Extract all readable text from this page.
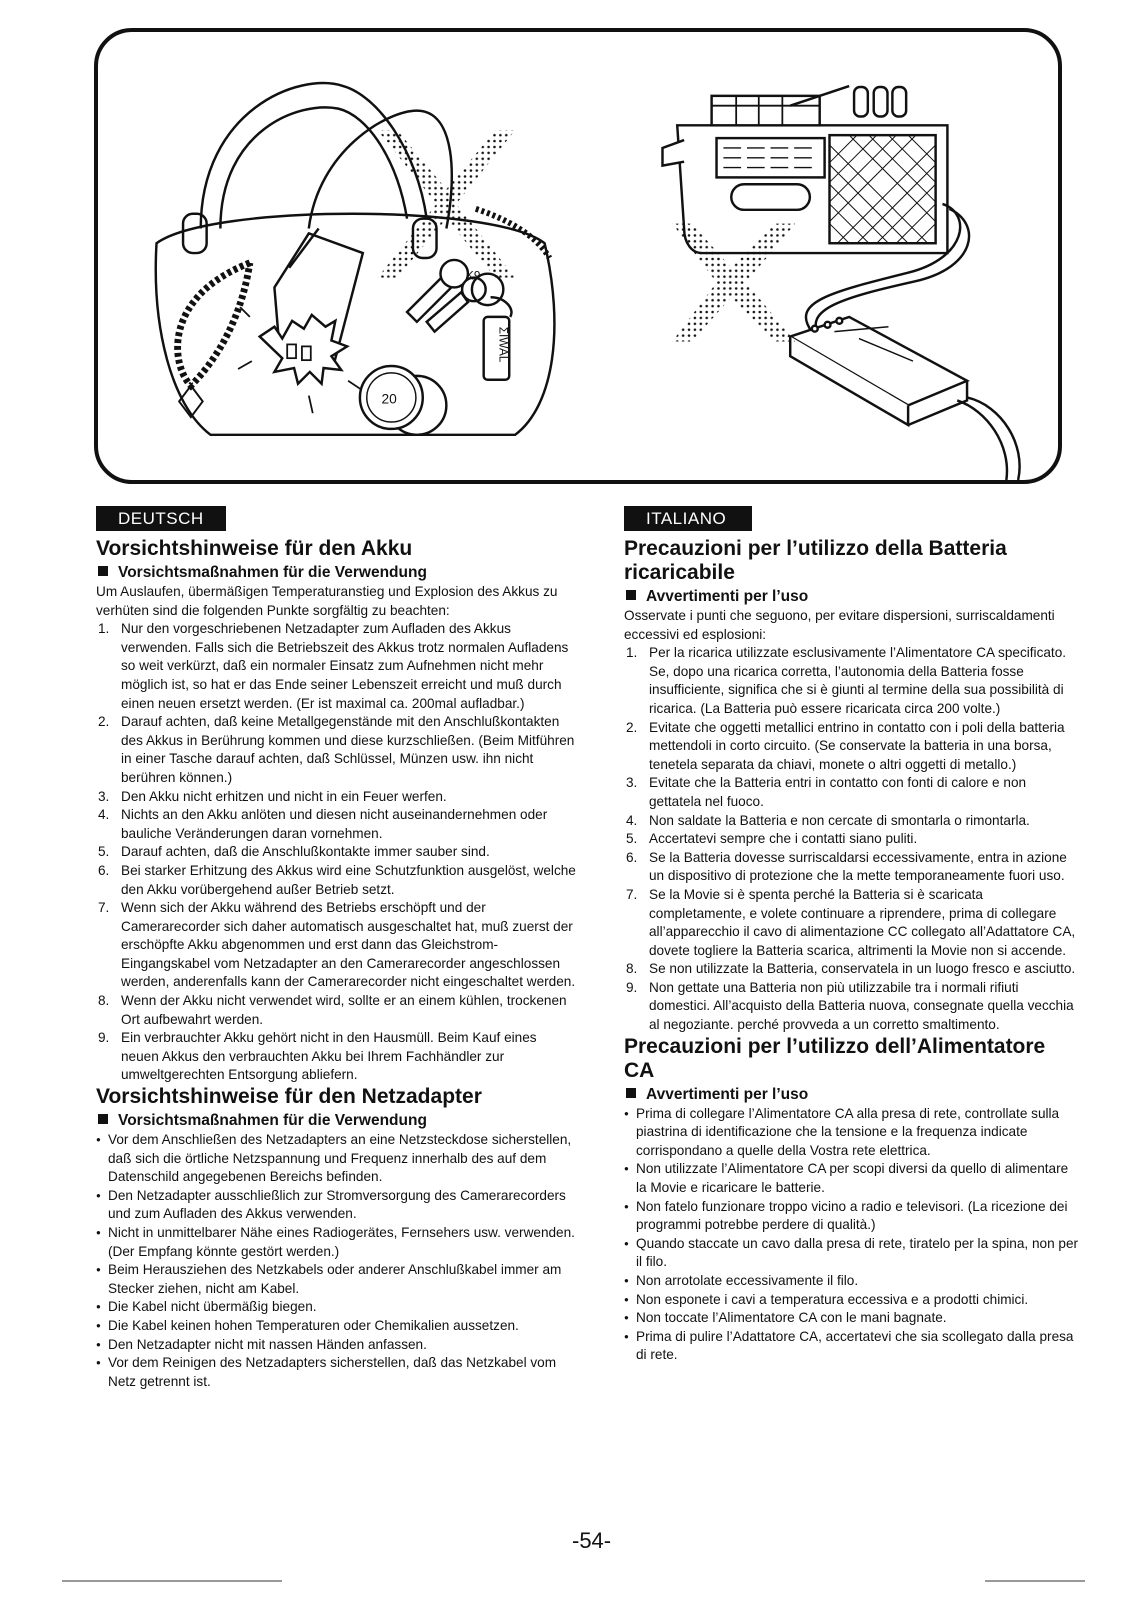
K9
ΣIWAL
20
DEUTSCH
Vorsichtshinweise für den Akku
Vorsichtsmaßnahmen für die Verwendung

Um Auslaufen, übermäßigen Temperaturanstieg und Explosion des Akkus zu verhüten sind die folgenden Punkte sorgfältig zu beachten:

1. Nur den vorgeschriebenen Netzadapter zum Aufladen des Akkus verwenden. Falls sich die Betriebszeit des Akkus trotz normalen Aufladens so weit verkürzt, daß ein normaler Einsatz zum Aufnehmen nicht mehr möglich ist, so hat er das Ende seiner Lebenszeit erreicht und muß durch einen neuen ersetzt werden. (Er ist maximal ca. 200mal aufladbar.)
2. Darauf achten, daß keine Metallgegenstände mit den Anschlußkontakten des Akkus in Berührung kommen und diese kurzschließen. (Beim Mitführen in einer Tasche darauf achten, daß Schlüssel, Münzen usw. ihn nicht berühren können.)
3. Den Akku nicht erhitzen und nicht in ein Feuer werfen.
4. Nichts an den Akku anlöten und diesen nicht auseinandernehmen oder bauliche Veränderungen daran vornehmen.
5. Darauf achten, daß die Anschlußkontakte immer sauber sind.
6. Bei starker Erhitzung des Akkus wird eine Schutzfunktion ausgelöst, welche den Akku vorübergehend außer Betrieb setzt.
7. Wenn sich der Akku während des Betriebs erschöpft und der Camerarecorder sich daher automatisch ausgeschaltet hat, muß zuerst der erschöpfte Akku abgenommen und erst dann das Gleichstrom-Eingangskabel vom Netzadapter an den Camerarecorder angeschlossen werden, anderenfalls kann der Camerarecorder nicht eingeschaltet werden.
8. Wenn der Akku nicht verwendet wird, sollte er an einem kühlen, trockenen Ort aufbewahrt werden.
9. Ein verbrauchter Akku gehört nicht in den Hausmüll. Beim Kauf eines neuen Akkus den verbrauchten Akku bei Ihrem Fachhändler zur umweltgerechten Entsorgung abliefern.
Vorsichtshinweise für den Netzadapter
Vorsichtsmaßnahmen für die Verwendung
● Vor dem Anschließen des Netzadapters an eine Netzsteckdose sicherstellen, daß sich die örtliche Netzspannung und Frequenz innerhalb des auf dem Datenschild angegebenen Bereichs befinden.
● Den Netzadapter ausschließlich zur Stromversorgung des Camerarecorders und zum Aufladen des Akkus verwenden.
● Nicht in unmittelbarer Nähe eines Radiogerätes, Fernsehers usw. verwenden. (Der Empfang könnte gestört werden.)
● Beim Herausziehen des Netzkabels oder anderer Anschlußkabel immer am Stecker ziehen, nicht am Kabel.
● Die Kabel nicht übermäßig biegen.
● Die Kabel keinen hohen Temperaturen oder Chemikalien aussetzen.
● Den Netzadapter nicht mit nassen Händen anfassen.
● Vor dem Reinigen des Netzadapters sicherstellen, daß das Netzkabel vom Netz getrennt ist.
ITALIANO
Precauzioni per l’utilizzo della Batteria ricaricabile
Avvertimenti per l’uso

Osservate i punti che seguono, per evitare dispersioni, surriscaldamenti eccessivi ed esplosioni:

1. Per la ricarica utilizzate esclusivamente l’Alimentatore CA specificato. Se, dopo una ricarica corretta, l’autonomia della Batteria fosse insufficiente, significa che si è giunti al termine della sua possibilità di ricarica. (La Batteria può essere ricaricata circa 200 volte.)
2. Evitate che oggetti metallici entrino in contatto con i poli della batteria mettendoli in corto circuito. (Se conservate la batteria in una borsa, tenetela separata da chiavi, monete o altri oggetti di metallo.)
3. Evitate che la Batteria entri in contatto con fonti di calore e non gettatela nel fuoco.
4. Non saldate la Batteria e non cercate di smontarla o rimontarla.
5. Accertatevi sempre che i contatti siano puliti.
6. Se la Batteria dovesse surriscaldarsi eccessivamente, entra in azione un dispositivo di protezione che la mette temporaneamente fuori uso.
7. Se la Movie si è spenta perché la Batteria si è scaricata completamente, e volete continuare a riprendere, prima di collegare all’apparecchio il cavo di alimentazione CC collegato all’Adattatore CA, dovete togliere la Batteria scarica, altrimenti la Movie non si accende.
8. Se non utilizzate la Batteria, conservatela in un luogo fresco e asciutto.
9. Non gettate una Batteria non più utilizzabile tra i normali rifiuti domestici. All’acquisto della Batteria nuova, consegnate quella vecchia al negoziante. perché provveda a un corretto smaltimento.
Precauzioni per l’utilizzo dell’Alimentatore CA
Avvertimenti per l’uso
● Prima di collegare l’Alimentatore CA alla presa di rete, controllate sulla piastrina di identificazione che la tensione e la frequenza indicate corrispondano a quelle della Vostra rete elettrica.
● Non utilizzate l’Alimentatore CA per scopi diversi da quello di alimentare la Movie e ricaricare le batterie.
● Non fatelo funzionare troppo vicino a radio e televisori. (La ricezione dei programmi potrebbe perdere di qualità.)
● Quando staccate un cavo dalla presa di rete, tiratelo per la spina, non per il filo.
● Non arrotolate eccessivamente il filo.
● Non esponete i cavi a temperatura eccessiva e a prodotti chimici.
● Non toccate l’Alimentatore CA con le mani bagnate.
● Prima di pulire l’Adattatore CA, accertatevi che sia scollegato dalla presa di rete.
-54-
